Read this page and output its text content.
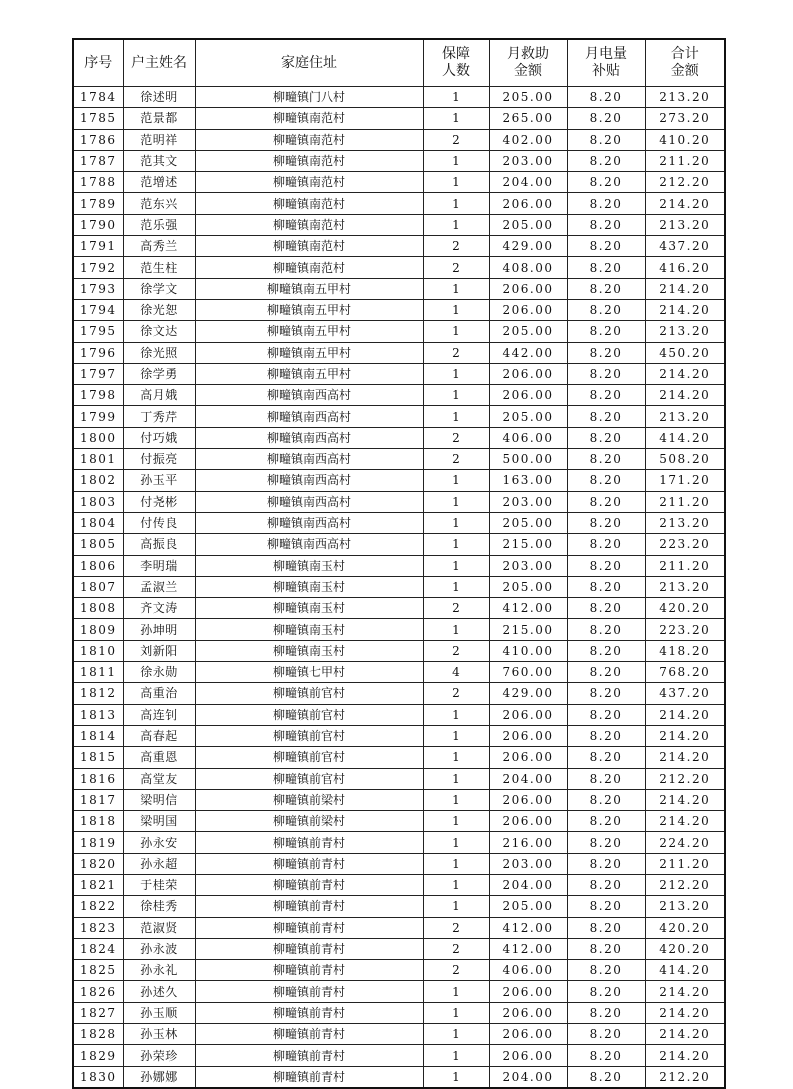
序号	户主姓名	家庭住址	保障人数	月救助金额	月电量补贴	合计金额
1784	徐述明	柳疃镇门八村	1	205.00	8.20	213.20
1785	范景都	柳疃镇南范村	1	265.00	8.20	273.20
1786	范明祥	柳疃镇南范村	2	402.00	8.20	410.20
1787	范其文	柳疃镇南范村	1	203.00	8.20	211.20
1788	范增述	柳疃镇南范村	1	204.00	8.20	212.20
1789	范东兴	柳疃镇南范村	1	206.00	8.20	214.20
1790	范乐强	柳疃镇南范村	1	205.00	8.20	213.20
1791	高秀兰	柳疃镇南范村	2	429.00	8.20	437.20
1792	范生柱	柳疃镇南范村	2	408.00	8.20	416.20
1793	徐学文	柳疃镇南五甲村	1	206.00	8.20	214.20
1794	徐光恕	柳疃镇南五甲村	1	206.00	8.20	214.20
1795	徐文达	柳疃镇南五甲村	1	205.00	8.20	213.20
1796	徐光照	柳疃镇南五甲村	2	442.00	8.20	450.20
1797	徐学勇	柳疃镇南五甲村	1	206.00	8.20	214.20
1798	高月娥	柳疃镇南西高村	1	206.00	8.20	214.20
1799	丁秀芹	柳疃镇南西高村	1	205.00	8.20	213.20
1800	付巧娥	柳疃镇南西高村	2	406.00	8.20	414.20
1801	付振亮	柳疃镇南西高村	2	500.00	8.20	508.20
1802	孙玉平	柳疃镇南西高村	1	163.00	8.20	171.20
1803	付尧彬	柳疃镇南西高村	1	203.00	8.20	211.20
1804	付传良	柳疃镇南西高村	1	205.00	8.20	213.20
1805	高振良	柳疃镇南西高村	1	215.00	8.20	223.20
1806	李明瑞	柳疃镇南玉村	1	203.00	8.20	211.20
1807	孟淑兰	柳疃镇南玉村	1	205.00	8.20	213.20
1808	齐文涛	柳疃镇南玉村	2	412.00	8.20	420.20
1809	孙坤明	柳疃镇南玉村	1	215.00	8.20	223.20
1810	刘新阳	柳疃镇南玉村	2	410.00	8.20	418.20
1811	徐永勋	柳疃镇七甲村	4	760.00	8.20	768.20
1812	高重治	柳疃镇前官村	2	429.00	8.20	437.20
1813	高连钊	柳疃镇前官村	1	206.00	8.20	214.20
1814	高春起	柳疃镇前官村	1	206.00	8.20	214.20
1815	高重恩	柳疃镇前官村	1	206.00	8.20	214.20
1816	高堂友	柳疃镇前官村	1	204.00	8.20	212.20
1817	梁明信	柳疃镇前梁村	1	206.00	8.20	214.20
1818	梁明国	柳疃镇前梁村	1	206.00	8.20	214.20
1819	孙永安	柳疃镇前青村	1	216.00	8.20	224.20
1820	孙永超	柳疃镇前青村	1	203.00	8.20	211.20
1821	于桂荣	柳疃镇前青村	1	204.00	8.20	212.20
1822	徐桂秀	柳疃镇前青村	1	205.00	8.20	213.20
1823	范淑贤	柳疃镇前青村	2	412.00	8.20	420.20
1824	孙永波	柳疃镇前青村	2	412.00	8.20	420.20
1825	孙永礼	柳疃镇前青村	2	406.00	8.20	414.20
1826	孙述久	柳疃镇前青村	1	206.00	8.20	214.20
1827	孙玉顺	柳疃镇前青村	1	206.00	8.20	214.20
1828	孙玉林	柳疃镇前青村	1	206.00	8.20	214.20
1829	孙荣珍	柳疃镇前青村	1	206.00	8.20	214.20
1830	孙娜娜	柳疃镇前青村	1	204.00	8.20	212.20
